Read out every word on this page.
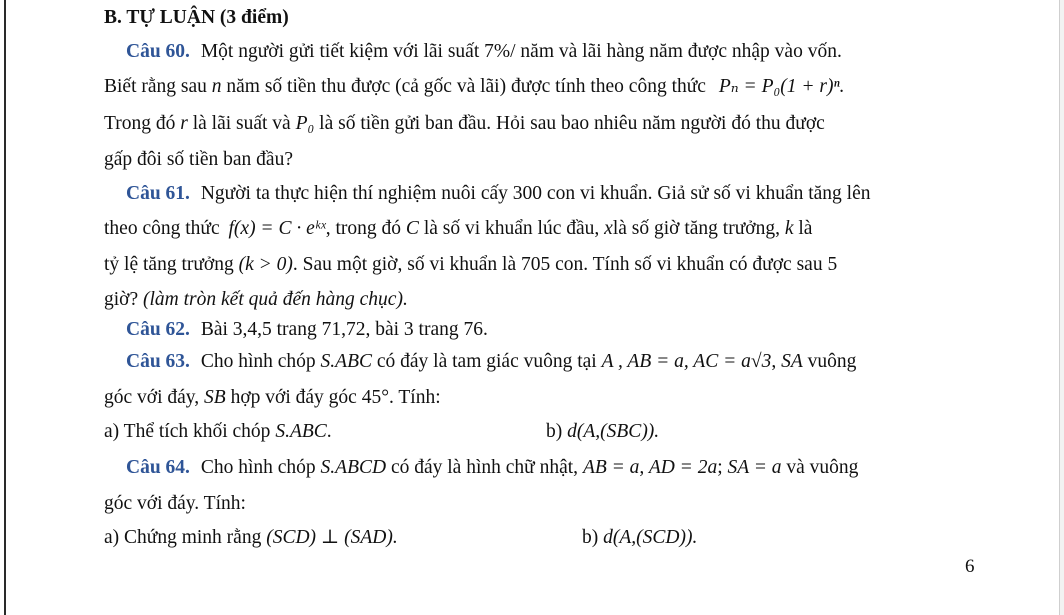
B. TỰ LUẬN (3 điểm)
Câu 60. Một người gửi tiết kiệm với lãi suất 7%/ năm và lãi hàng năm được nhập vào vốn.
Biết rằng sau n năm số tiền thu được (cả gốc và lãi) được tính theo công thức Pₙ = P₀(1 + r)ⁿ.
Trong đó r là lãi suất và P₀ là số tiền gửi ban đầu. Hỏi sau bao nhiêu năm người đó thu được
gấp đôi số tiền ban đầu?
Câu 61. Người ta thực hiện thí nghiệm nuôi cấy 300 con vi khuẩn. Giả sử số vi khuẩn tăng lên
theo công thức f(x) = C · eᵏˣ, trong đó C là số vi khuẩn lúc đầu, xlà số giờ tăng trưởng, k là
tỷ lệ tăng trưởng (k > 0). Sau một giờ, số vi khuẩn là 705 con. Tính số vi khuẩn có được sau 5
giờ? (làm tròn kết quả đến hàng chục).
Câu 62. Bài 3,4,5 trang 71,72, bài 3 trang 76.
Câu 63. Cho hình chóp S.ABC có đáy là tam giác vuông tại A , AB = a, AC = a√3, SA vuông
góc với đáy, SB hợp với đáy góc 45°. Tính:
a) Thể tích khối chóp S.ABC.	b) d(A,(SBC)).
Câu 64. Cho hình chóp S.ABCD có đáy là hình chữ nhật, AB = a, AD = 2a; SA = a và vuông
góc với đáy. Tính:
a) Chứng minh rằng (SCD) ⊥ (SAD).	b) d(A,(SCD)).
6
